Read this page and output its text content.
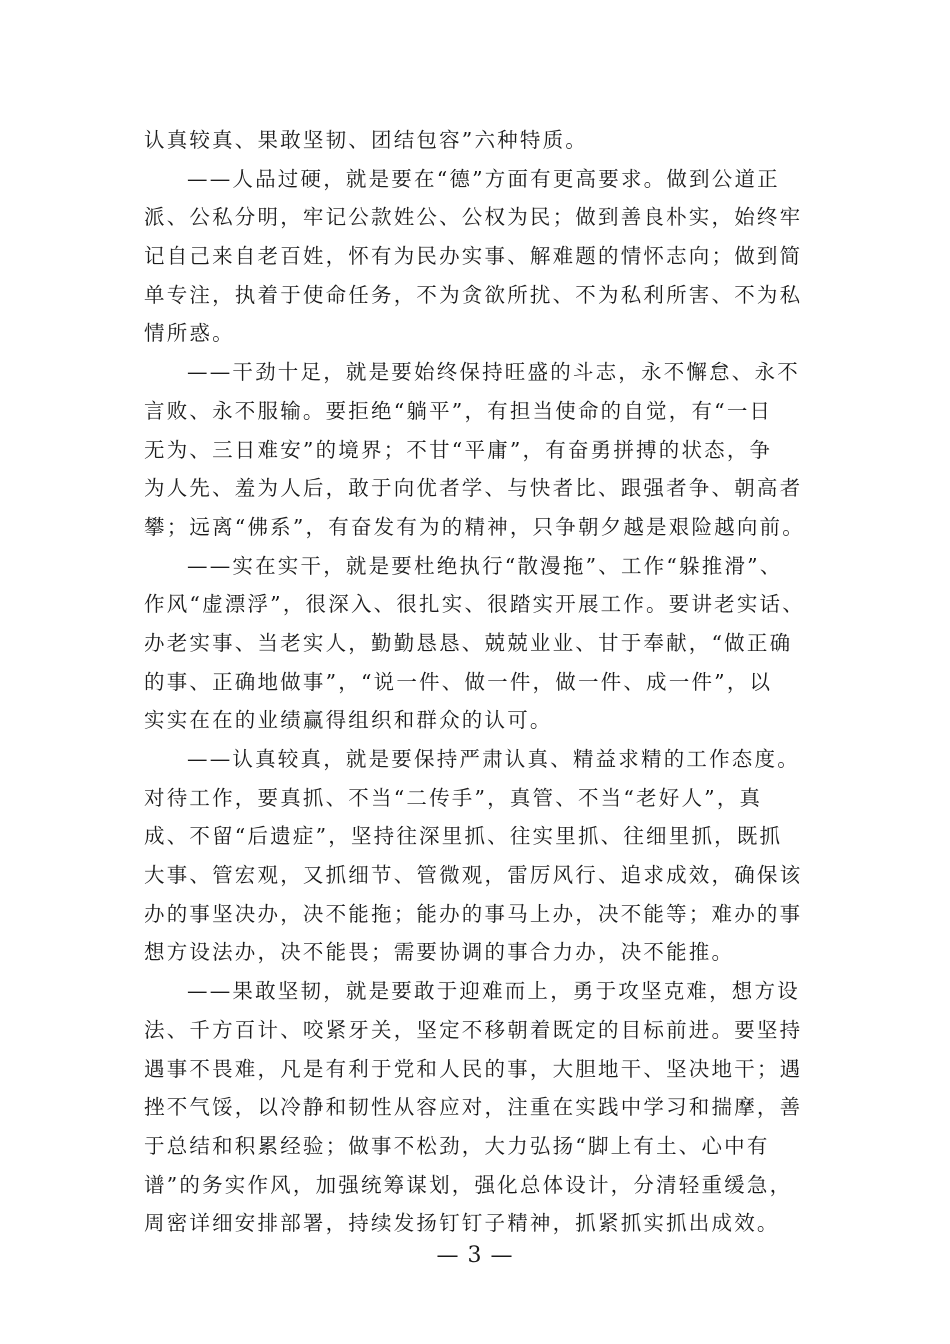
认真较真、果敢坚韧、团结包容”六种特质。
——人品过硬，就是要在“德”方面有更高要求。做到公道正
派、公私分明，牢记公款姓公、公权为民；做到善良朴实，始终牢
记自己来自老百姓，怀有为民办实事、解难题的情怀志向；做到简
单专注，执着于使命任务，不为贪欲所扰、不为私利所害、不为私
情所惑。
——干劲十足，就是要始终保持旺盛的斗志，永不懈怠、永不
言败、永不服输。要拒绝“躺平”，有担当使命的自觉，有“一日
无为、三日难安”的境界；不甘“平庸”，有奋勇拼搏的状态，争
为人先、羞为人后，敢于向优者学、与快者比、跟强者争、朝高者
攀；远离“佛系”，有奋发有为的精神，只争朝夕越是艰险越向前。
——实在实干，就是要杜绝执行“散漫拖”、工作“躲推滑”、
作风“虚漂浮”，很深入、很扎实、很踏实开展工作。要讲老实话、
办老实事、当老实人，勤勤恳恳、兢兢业业、甘于奉献，“做正确
的事、正确地做事”，“说一件、做一件，做一件、成一件”，以
实实在在的业绩赢得组织和群众的认可。
——认真较真，就是要保持严肃认真、精益求精的工作态度。
对待工作，要真抓、不当“二传手”，真管、不当“老好人”，真
成、不留“后遗症”，坚持往深里抓、往实里抓、往细里抓，既抓
大事、管宏观，又抓细节、管微观，雷厉风行、追求成效，确保该
办的事坚决办，决不能拖；能办的事马上办，决不能等；难办的事
想方设法办，决不能畏；需要协调的事合力办，决不能推。
——果敢坚韧，就是要敢于迎难而上，勇于攻坚克难，想方设
法、千方百计、咬紧牙关，坚定不移朝着既定的目标前进。要坚持
遇事不畏难，凡是有利于党和人民的事，大胆地干、坚决地干；遇
挫不气馁，以冷静和韧性从容应对，注重在实践中学习和揣摩，善
于总结和积累经验；做事不松劲，大力弘扬“脚上有土、心中有
谱”的务实作风，加强统筹谋划，强化总体设计，分清轻重缓急，
周密详细安排部署，持续发扬钉钉子精神，抓紧抓实抓出成效。
— 3 —
